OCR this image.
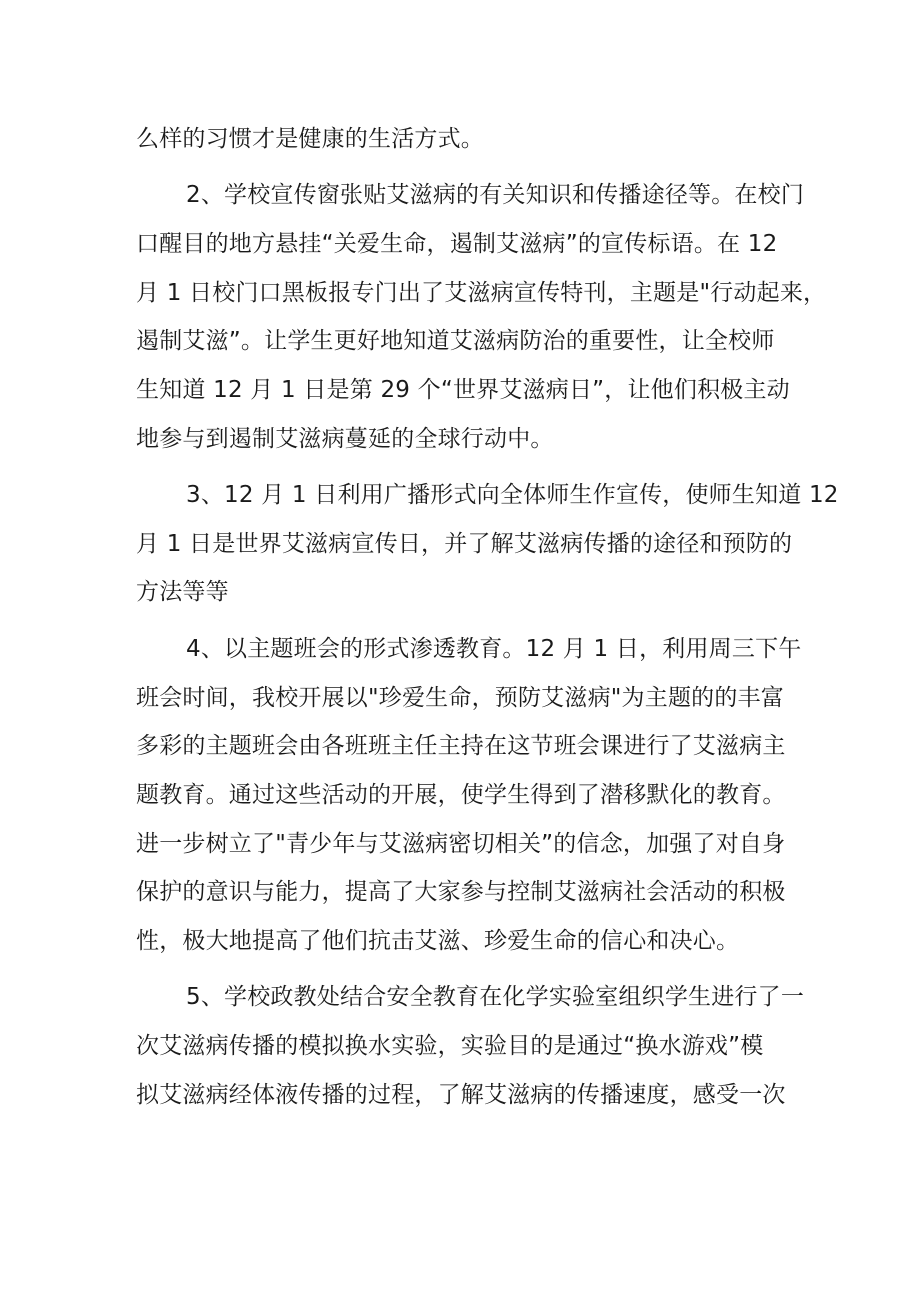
么样的习惯才是健康的生活方式。
2、学校宣传窗张贴艾滋病的有关知识和传播途径等。在校门
口醒目的地方悬挂“关爱生命，遏制艾滋病”的宣传标语。在 12
月 1 日校门口黑板报专门出了艾滋病宣传特刊，主题是"行动起来，
遏制艾滋”。让学生更好地知道艾滋病防治的重要性，让全校师
生知道 12 月 1 日是第 29 个“世界艾滋病日”，让他们积极主动
地参与到遏制艾滋病蔓延的全球行动中。
3、12 月 1 日利用广播形式向全体师生作宣传，使师生知道 12
月 1 日是世界艾滋病宣传日，并了解艾滋病传播的途径和预防的
方法等等
4、以主题班会的形式渗透教育。12 月 1 日，利用周三下午
班会时间，我校开展以"珍爱生命，预防艾滋病"为主题的的丰富
多彩的主题班会由各班班主任主持在这节班会课进行了艾滋病主
题教育。通过这些活动的开展，使学生得到了潜移默化的教育。
进一步树立了"青少年与艾滋病密切相关”的信念，加强了对自身
保护的意识与能力，提高了大家参与控制艾滋病社会活动的积极
性，极大地提高了他们抗击艾滋、珍爱生命的信心和决心。
5、学校政教处结合安全教育在化学实验室组织学生进行了一
次艾滋病传播的模拟换水实验，实验目的是通过“换水游戏”模
拟艾滋病经体液传播的过程，了解艾滋病的传播速度，感受一次
